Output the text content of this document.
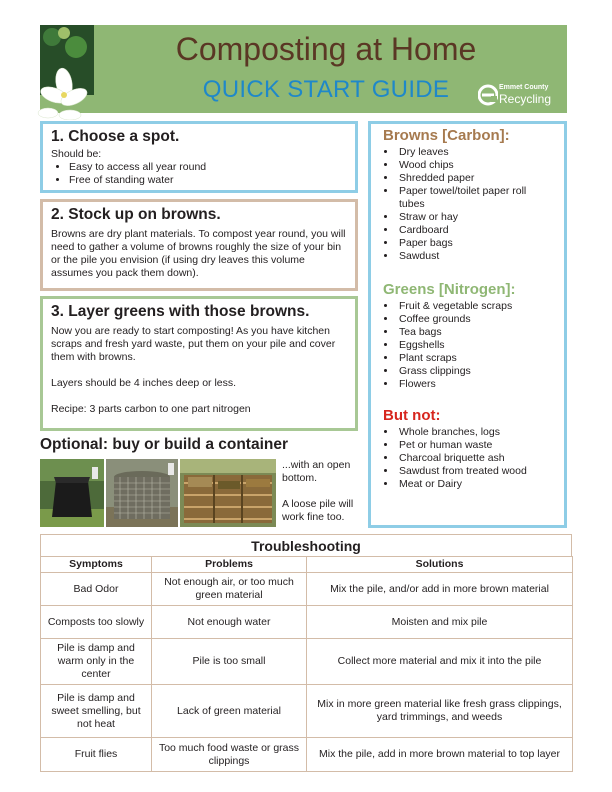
Composting at Home
QUICK START GUIDE	Emmet County
Recycling
1. Choose a spot.

Should be:

• Easy to access all year round
• Free of standing water
2. Stock up on browns.

Browns are dry plant materials. To compost year round, you will need to gather a volume of browns roughly the size of your bin or the pile you envision (if using dry leaves this volume assumes you pack them down).

3. Layer greens with those browns.

Now you are ready to start composting! As you have kitchen scraps and fresh yard waste, put them on your pile and cover them with browns.

Layers should be 4 inches deep or less.

Recipe: 3 parts carbon to one part nitrogen

Optional: buy or build a container
...with an open bottom.
A loose pile will work fine too.
Browns [Carbon]:
• Dry leaves
• Wood chips
• Shredded paper
• Paper towel/toilet paper roll tubes
• Straw or hay
• Cardboard
• Paper bags
• Sawdust
Greens [Nitrogen]:
• Fruit & vegetable scraps
• Coffee grounds
• Tea bags
• Eggshells
• Plant scraps
• Grass clippings
• Flowers
But not:
• Whole branches, logs
• Pet or human waste
• Charcoal briquette ash
• Sawdust from treated wood
• Meat or Dairy
Troubleshooting
Symptoms	Problems	Solutions
Bad Odor	Not enough air, or too much green material	Mix the pile, and/or add in more brown material
Composts too slowly	Not enough water	Moisten and mix pile
Pile is damp and warm only in the center	Pile is too small	Collect more material and mix it into the pile
Pile is damp and sweet smelling, but not heat	Lack of green material	Mix in more green material like fresh grass clippings, yard trimmings, and weeds
Fruit flies	Too much food waste or grass clippings	Mix the pile, add in more brown material to top layer
